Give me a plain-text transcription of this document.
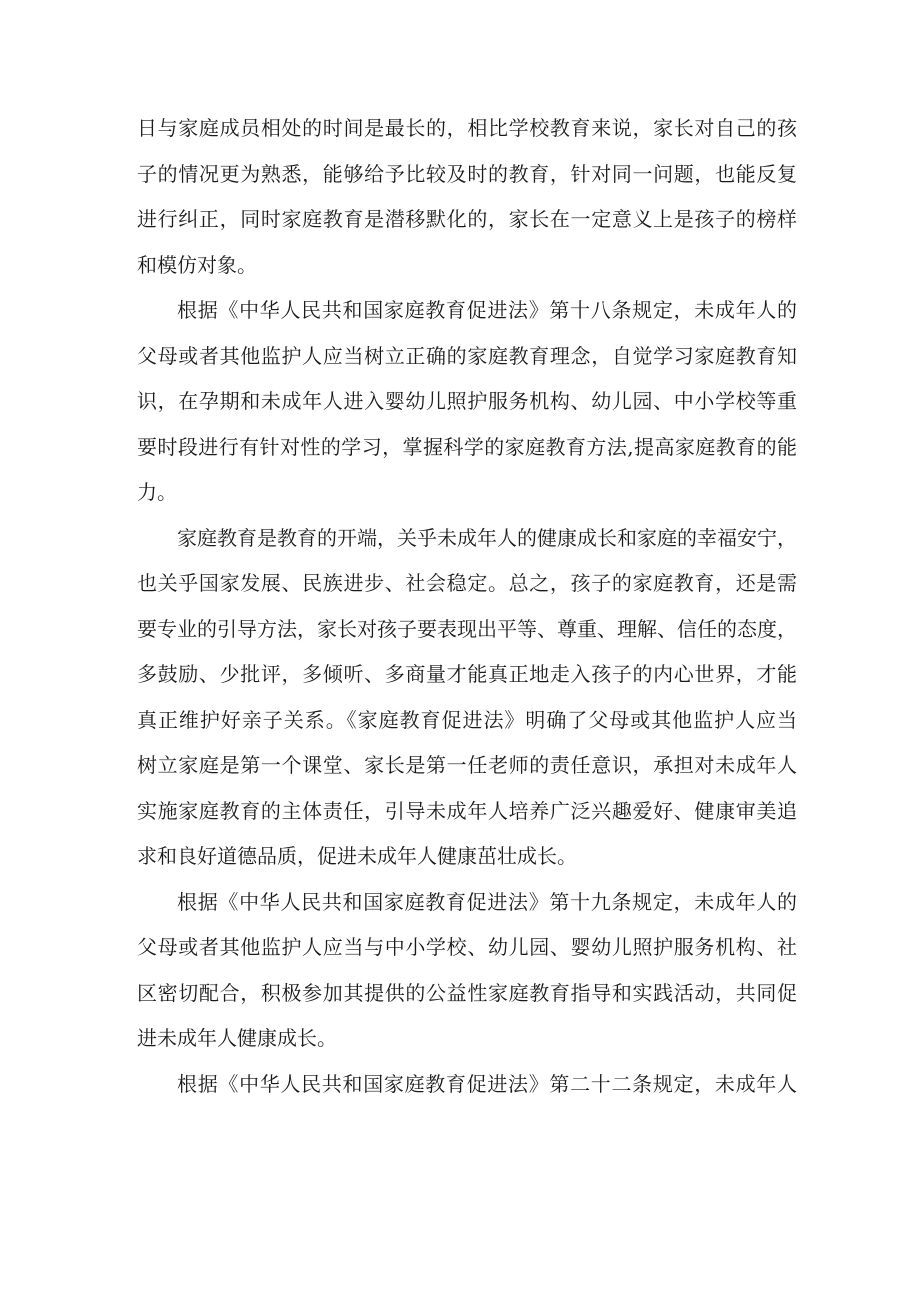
日与家庭成员相处的时间是最长的，相比学校教育来说，家长对自己的孩
子的情况更为熟悉，能够给予比较及时的教育，针对同一问题，也能反复
进行纠正，同时家庭教育是潜移默化的，家长在一定意义上是孩子的榜样
和模仿对象。

根据《中华人民共和国家庭教育促进法》第十八条规定，未成年人的
父母或者其他监护人应当树立正确的家庭教育理念，自觉学习家庭教育知
识，在孕期和未成年人进入婴幼儿照护服务机构、幼儿园、中小学校等重
要时段进行有针对性的学习，掌握科学的家庭教育方法,提高家庭教育的能
力。

家庭教育是教育的开端，关乎未成年人的健康成长和家庭的幸福安宁，
也关乎国家发展、民族进步、社会稳定。总之，孩子的家庭教育，还是需
要专业的引导方法，家长对孩子要表现出平等、尊重、理解、信任的态度，
多鼓励、少批评，多倾听、多商量才能真正地走入孩子的内心世界，才能
真正维护好亲子关系。《家庭教育促进法》明确了父母或其他监护人应当
树立家庭是第一个课堂、家长是第一任老师的责任意识，承担对未成年人
实施家庭教育的主体责任，引导未成年人培养广泛兴趣爱好、健康审美追
求和良好道德品质，促进未成年人健康茁壮成长。

根据《中华人民共和国家庭教育促进法》第十九条规定，未成年人的
父母或者其他监护人应当与中小学校、幼儿园、婴幼儿照护服务机构、社
区密切配合，积极参加其提供的公益性家庭教育指导和实践活动，共同促
进未成年人健康成长。

根据《中华人民共和国家庭教育促进法》第二十二条规定，未成年人
